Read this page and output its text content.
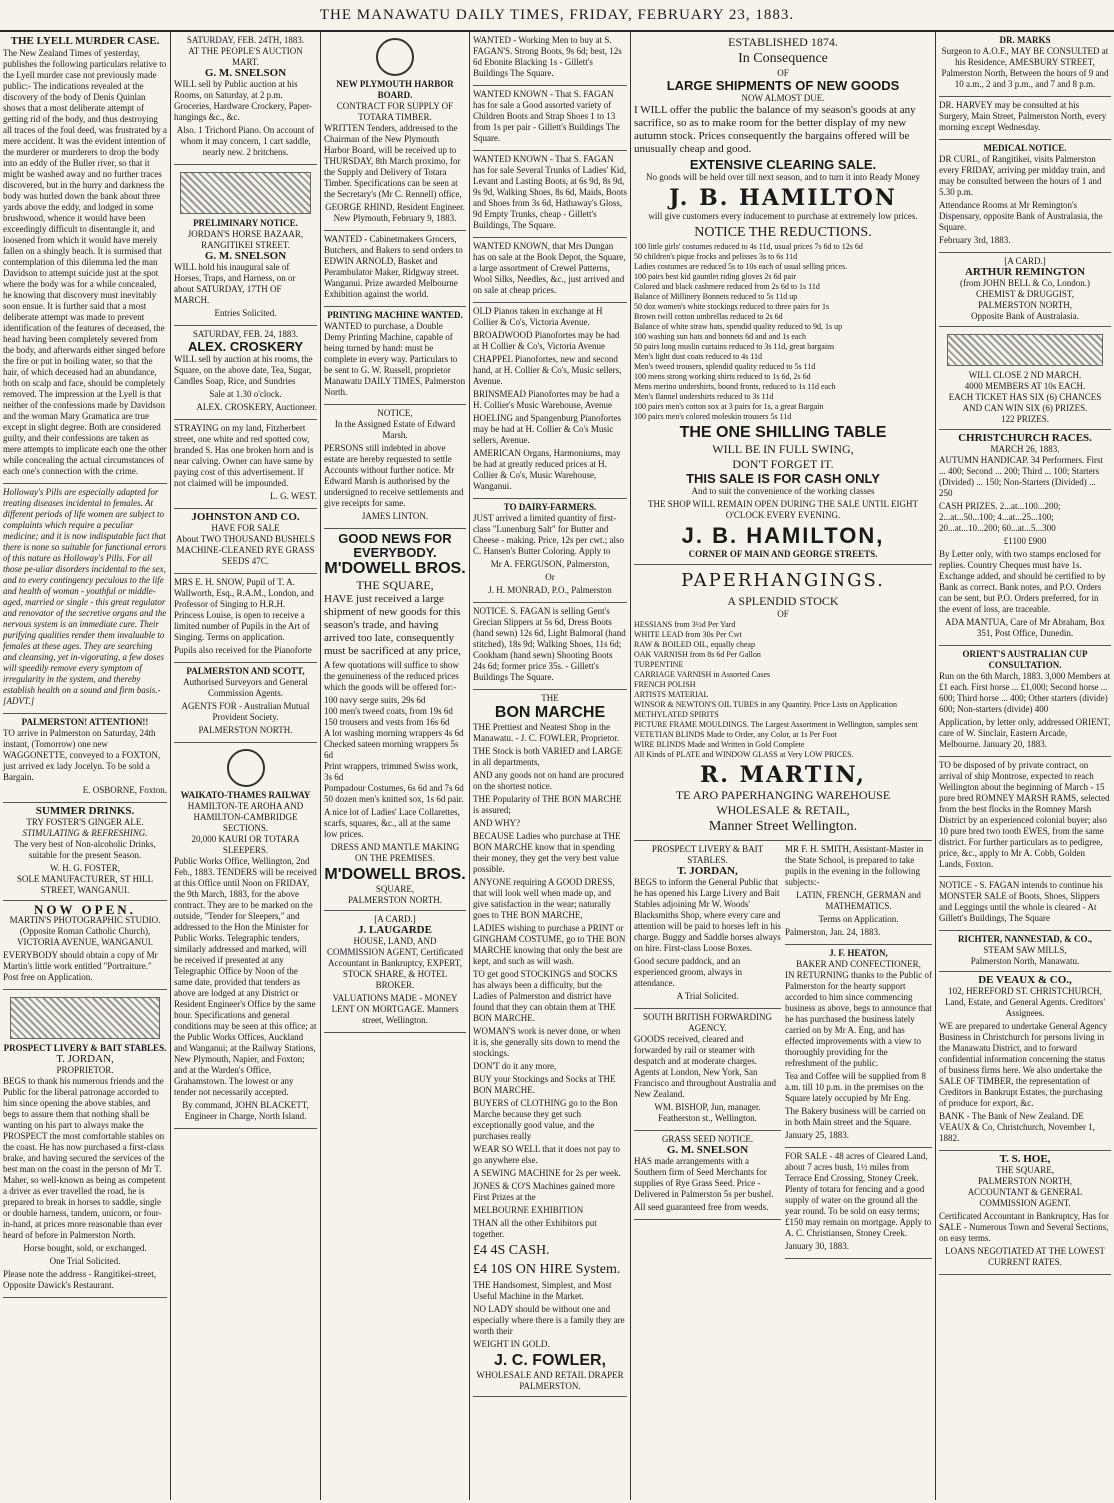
THE MANAWATU DAILY TIMES, FRIDAY, FEBRUARY 23, 1883.
THE LYELL MURDER CASE.

The New Zealand Times of yesterday, publishes the following particulars relative to the Lyell murder case not previously made public:- The indications revealed at the discovery of the body of Denis Quinlan shows that a most deliberate attempt of getting rid of the body, and thus destroying all traces of the foul deed, was frustrated by a mere accident. It was the evident intention of the murderer or murderers to drop the body into an eddy of the Buller river, so that it might be washed away and no further traces discovered, but in the hurry and darkness the body was hurled down the bank about three yards above the eddy, and lodged in some brushwood, whence it would have been exceedingly difficult to disentangle it, and loosened from which it would have merely fallen on a shingly beach. It is surmised that contemplation of this dilemma led the man Davidson to attempt suicide just at the spot where the body was for a while concealed, he knowing that discovery must inevitably soon ensue. It is further said that a most deliberate attempt was made to prevent identification of the features of deceased, the head having been completely severed from the body, and afterwards either singed before the fire or put in boiling water, so that the hair, of which deceased had an abundance, both on scalp and face, should be completely removed. The impression at the Lyell is that neither of the confessions made by Davidson and the woman Mary Gramatica are true except in slight degree. Both are considered guilty, and their confessions are taken as mere attempts to implicate each one the other while concealing the actual circumstances of each one's connection with the crime.

Holloway's Pills are especially adapted for treating diseases incidental to females. At different periods of life women are subject to complaints which require a peculiar medicine; and it is now indisputable fact that there is none so suitable for functional errors of this nature as Holloway's Pills. For all those pe-uliar disorders incidental to the sex, and to every contingency peculous to the life and health of woman - youthful or middle-aged, married or single - this great regulator and renovator of the secretive organs and the nervous system is an immediate cure. Their purifying qualities render them invaluable to females at these ages. They are searching and cleansing, yet in-vigorating, a few doses will speedily remove every symptom of irregularity in the system, and thereby establish health on a sound and firm basis.- [ADVT.]

PALMERSTON! ATTENTION!!

TO arrive in Palmerston on Saturday, 24th instant, (Tomorrow) one new WAGGONETTE, conveyed to a FOXTON, just arrived ex lady Jocelyn. To be sold a Bargain.

E. OSBORNE, Foxton.

SUMMER DRINKS.
TRY FOSTER'S GINGER ALE.
STIMULATING & REFRESHING.

The very best of Non-alcoholic Drinks, suitable for the present Season.

W. H. G. FOSTER,
SOLE MANUFACTURER, ST HILL STREET, WANGANUI.
NOW OPEN.

MARTIN'S PHOTOGRAPHIC STUDIO. (Opposite Roman Catholic Church), VICTORIA AVENUE, WANGANUI.

EVERYBODY should obtain a copy of Mr Martin's little work entitled "Portraiture." Post free on Application.

PROSPECT LIVERY & BAIT STABLES.
T. JORDAN,
PROPRIETOR.

BEGS to thank his numerous friends and the Public for the liberal patronage accorded to him since opening the above stables, and begs to assure them that nothing shall be wanting on his part to always make the PROSPECT the most comfortable stables on the coast. He has now purchased a first-class brake, and having secured the services of the best man on the coast in the person of Mr T. Maher, so well-known as being as competent a driver as ever travelled the road, he is prepared to break in horses to saddle, single or double harness, tandem, unicorn, or four-in-hand, at prices more reasonable than ever heard of before in Palmerston North.

Horse bought, sold, or exchanged.

One Trial Solicited.

Please note the address - Rangitikei-street, Opposite Dawick's Restaurant.

SATURDAY, FEB. 24TH, 1883.
AT THE PEOPLE'S AUCTION MART.
G. M. SNELSON

WILL sell by Public auction at his Rooms, on Saturday, at 2 p.m. Groceries, Hardware Crockery, Paper-hangings &c., &c.

Also. 1 Trichord Piano. On account of whom it may concern, 1 cart saddle, nearly new. 2 britchens.

PRELIMINARY NOTICE.
JORDAN'S HORSE BAZAAR, RANGITIKEI STREET.
G. M. SNELSON

WILL hold his inaugural sale of Horses, Traps, and Harness, on or about SATURDAY, 17TH OF MARCH.

Entries Solicited.

SATURDAY, FEB. 24, 1883.
ALEX. CROSKERY

WILL sell by auction at his rooms, the Square, on the above date, Tea, Sugar, Candles Soap, Rice, and Sundries

Sale at 1.30 o'clock.

ALEX. CROSKERY, Auctioneer.

STRAYING on my land, Fitzherbert street, one white and red spotted cow, branded S. Has one broken horn and is near calving. Owner can have same by paying cost of this advertisement. If not claimed will be impounded.

L. G. WEST.

JOHNSTON AND CO.
HAVE FOR SALE

About TWO THOUSAND BUSHELS MACHINE-CLEANED RYE GRASS SEEDS 47C.

MRS E. H. SNOW, Pupil of T. A. Wallworth, Esq., R.A.M., London, and Professor of Singing to H.R.H. Princess Louise, is open to receive a limited number of Pupils in the Art of Singing. Terms on application.

Pupils also received for the Pianoforte

PALMERSTON AND SCOTT,

Authorised Surveyors and General Commission Agents.

AGENTS FOR - Australian Mutual Provident Society.

PALMERSTON NORTH.

WAIKATO-THAMES RAILWAY
HAMILTON-TE AROHA AND HAMILTON-CAMBRIDGE SECTIONS.
20,000 KAURI OR TOTARA SLEEPERS.

Public Works Office, Wellington, 2nd Feb., 1883. TENDERS will be received at this Office until Noon on FRIDAY, the 9th March, 1883, for the above contract. They are to be marked on the outside, "Tender for Sleepers," and addressed to the Hon the Minister for Public Works. Telegraphic tenders, similarly addressed and marked, will be received if presented at any Telegraphic Office by Noon of the same date, provided that tenders as above are lodged at any District or Resident Engineer's Office by the same hour. Specifications and general conditions may be seen at this office; at the Public Works Offices, Auckland and Wanganui; at the Railway Stations, New Plymouth, Napier, and Foxton; and at the Warden's Office, Grahamstown. The lowest or any tender not necessarily accepted.

By command, JOHN BLACKETT, Engineer in Charge, North Island.

NEW PLYMOUTH HARBOR BOARD.
CONTRACT FOR SUPPLY OF TOTARA TIMBER.

WRITTEN Tenders, addressed to the Chairman of the New Plymouth Harbor Board, will be received up to THURSDAY, 8th March proximo, for the Supply and Delivery of Totara Timber. Specifications can be seen at the Secretary's (Mr C. Rennell) office,

GEORGE RHIND, Resident Engineer. New Plymouth, February 9, 1883.

WANTED - Cabinetmakers Grocers, Butchers, and Bakers to send orders to EDWIN ARNOLD, Basket and Perambulator Maker, Ridgway street. Wanganui. Prize awarded Melbourne Exhibition against the world.

PRINTING MACHINE WANTED.

WANTED to purchase, a Double Demy Printing Machine, capable of being turned by hand: must be complete in every way. Particulars to be sent to G. W. Russell, proprietor Manawatu DAILY TIMES, Palmerston North.

NOTICE,

In the Assigned Estate of Edward Marsh.

PERSONS still indebted in above estate are hereby requested to settle Accounts without further notice. Mr Edward Marsh is authorised by the undersigned to receive settlements and give receipts for same.

JAMES LINTON.

GOOD NEWS FOR EVERYBODY.
M'DOWELL BROS.
THE SQUARE,

HAVE just received a large shipment of new goods for this season's trade, and having arrived too late, consequently must be sacrificed at any price,

A few quotations will suffice to show the genuineness of the reduced prices which the goods will be offered for:-

100 navy serge suits, 29s 6d
100 men's tweed coats, from 19s 6d
150 trousers and vests from 16s 6d
A lot washing morning wrappers 4s 6d
Checked sateen morning wrappers 5s 6d
Print wrappers, trimmed Swiss work, 3s 6d
Pompadour Costumes, 6s 6d and 7s 6d
50 dozen men's knitted sox, 1s 6d pair.

A nice lot of Ladies' Lace Collarettes, scarfs, squares, &c., all at the same low prices.

DRESS AND MANTLE MAKING ON THE PREMISES.

M'DOWELL BROS.
SQUARE,
PALMERSTON NORTH.
[A CARD.]
J. LAUGARDE

HOUSE, LAND, AND COMMISSION AGENT, Certificated Accountant in Bankruptcy, EXPERT, STOCK SHARE, & HOTEL BROKER.

VALUATIONS MADE - MONEY LENT ON MORTGAGE. Manners street, Wellington.

WANTED - Working Men to buy at S. FAGAN'S. Strong Boots, 9s 6d; best, 12s 6d Ebonite Blacking 1s - Gillett's Buildings The Square.

WANTED KNOWN - That S. FAGAN has for sale a Good assorted variety of Children Boots and Strap Shoes 1 to 13 from 1s per pair - Gillett's Buildings The Square.

WANTED KNOWN - That S. FAGAN has for sale Several Trunks of Ladies' Kid, Levant and Lasting Boots, at 6s 9d, 8s 9d, 9s 9d, Walking Shoes, 8s 6d, Maids, Boots and Shoes from 3s 6d, Hathaway's Gloss, 9d Empty Trunks, cheap - Gillett's Buildings, The Square.

WANTED KNOWN, that Mrs Dungan has on sale at the Book Depot, the Square, a large assortment of Crewel Patterns, Wool Silks, Needles, &c., just arrived and on sale at cheap prices.

OLD Pianos taken in exchange at H Collier & Co's, Victoria Avenue.

BROADWOOD Pianofortes may be had at H Collier & Co's, Victoria Avenue

CHAPPEL Pianofortes, new and second hand, at H. Collier & Co's, Music sellers, Avenue.

BRINSMEAD Pianofortes may be had a H. Collier's Music Warehouse, Avenue

HOELING and Spangenburg Pianofortes may be had at H. Collier & Co's Music sellers, Avenue.

AMERICAN Organs, Harmoniums, may be had at greatly reduced prices at H. Collier & Co's, Music Warehouse, Wanganui.

TO DAIRY-FARMERS.

JUST arrived a limited quantity of first-class "Lunenburg Salt" for Butter and Cheese - making. Price, 12s per cwt.; also C. Hansen's Butter Coloring. Apply to

Mr A. FERGUSON, Palmerston,

Or

J. H. MONRAD, P.O., Palmerston

NOTICE. S. FAGAN is selling Gent's Grecian Slippers at 5s 6d, Dress Boots (hand sewn) 12s 6d, Light Balmoral (hand stitched), 18s 9d; Walking Shoes, 11s 6d; Cookham (hand sewn) Shooting Boots 24s 6d; former price 35s. - Gillett's Buildings The Square.

THE
BON MARCHE

THE Prettiest and Neatest Shop in the Manawatu. - J. C. FOWLER, Proprietor.

THE Stock is both VARIED and LARGE in all departments,

AND any goods not on hand are procured on the shortest notice.

THE Popularity of THE BON MARCHE is assured;

AND WHY?

BECAUSE Ladies who purchase at THE BON MARCHE know that in spending their money, they get the very best value possible.

ANYONE requiring A GOOD DRESS, that will look well when made up, and give satisfaction in the wear; naturally goes to THE BON MARCHE,

LADIES wishing to purchase a PRINT or GINGHAM COSTUME, go to THE BON MARCHE knowing that only the best are kept, and such as will wash.

TO get good STOCKINGS and SOCKS has always been a difficulty, but the Ladies of Palmerston and district have found that they can obtain them at THE BON MARCHE.

WOMAN'S work is never done, or when it is, she generally sits down to mend the stockings.

DON'T do it any more,

BUY your Stockings and Socks at THE BON MARCHE.

BUYERS of CLOTHING go to the Bon Marche because they get such exceptionally good value, and the purchases really

WEAR SO WELL that it does not pay to go anywhere else.

A SEWING MACHINE for 2s per week.

JONES & CO'S Machines gained more First Prizes at the

MELBOURNE EXHIBITION

THAN all the other Exhibitors put together.

£4 4S CASH.

£4 10S ON HIRE System.

THE Handsomest, Simplest, and Most Useful Machine in the Market.

NO LADY should be without one and especially where there is a family they are worth their

WEIGHT IN GOLD.

J. C. FOWLER,
WHOLESALE AND RETAIL DRAPER
PALMERSTON.
ESTABLISHED 1874.
In Consequence
OF
LARGE SHIPMENTS OF NEW GOODS
NOW ALMOST DUE.

I WILL offer the public the balance of my season's goods at any sacrifice, so as to make room for the better display of my new autumn stock. Prices consequently the bargains offered will be unusually cheap and good.

EXTENSIVE CLEARING SALE.

No goods will be held over till next season, and to turn it into Ready Money

J. B. HAMILTON

will give customers every inducement to purchase at extremely low prices.

NOTICE THE REDUCTIONS.

100 little girls' costumes reduced to 4s 11d, usual prices 7s 6d to 12s 6d
50 children's pique frocks and pelisses 3s to 6s 11d
Ladies costumes are reduced 5s to 10s each of usual selling prices.
100 pairs best kid gauntlet riding gloves 2s 6d pair
Colored and black cashmere reduced from 2s 6d to 1s 11d
Balance of Millinery Bonnets reduced to 5s 11d up
50 doz women's white stockings reduced to three pairs for 1s
Brown twill cotton umbrellas reduced to 2s 6d
Balance of white straw hats, spendid quality reduced to 9d, 1s up
100 washing sun hats and bonnets 6d and and 1s each
50 pairs long muslin curtains reduced to 3s 11d, great bargains
Men's light dust coats reduced to 4s 11d
Men's tweed trousers, splendid quality reduced to 5s 11d
100 mens strong working shirts reduced to 1s 6d, 2s 6d
Mens merino undershirts, bound fronts, reduced to 1s 11d each
Men's flannel undershirts reduced to 3s 11d
100 pairs men's cotton sox at 3 pairs for 1s, a great Bargain
100 pairs men's colored moleskin trousers 5s 11d

THE ONE SHILLING TABLE
WILL BE IN FULL SWING,
DON'T FORGET IT.
THIS SALE IS FOR CASH ONLY

And to suit the convenience of the working classes

THE SHOP WILL REMAIN OPEN DURING THE SALE UNTIL EIGHT O'CLOCK EVERY EVENING.

J. B. HAMILTON,
CORNER OF MAIN AND GEORGE STREETS.
PAPERHANGINGS.
A SPLENDID STOCK
OF

HESSIANS from 3½d Per Yard
WHITE LEAD from 30s Per Cwt
RAW & BOILED OIL, equally cheap
OAK VARNISH from 8s 6d Per Gallon
TURPENTINE
CARRIAGE VARNISH in Assorted Cases
FRENCH POLISH
ARTISTS MATERIAL
WINSOR & NEWTON'S OIL TUBES in any Quantity. Price Lists on Application
METHYLATED SPIRITS
PICTURE FRAME MOULDINGS. The Largest Assortment in Wellington, samples sent
VETETIAN BLINDS Made to Order, any Color, at 1s Per Foot
WIRE BLINDS Made and Written in Gold Complete
All Kinds of PLATE and WINDOW GLASS at Very LOW PRICES.

R. MARTIN,
TE ARO PAPERHANGING WAREHOUSE
WHOLESALE & RETAIL,
Manner Street Wellington.
PROSPECT LIVERY & BAIT STABLES.
T. JORDAN,

BEGS to inform the General Public that he has opened his Large Livery and Bait Stables adjoining Mr W. Woods' Blacksmiths Shop, where every care and attention will be paid to horses left in his charge. Buggy and Saddle horses always on hire. First-class Loose Boxes.

Good secure paddock, and an experienced groom, always in attendance.

A Trial Solicited.

SOUTH BRITISH FORWARDING AGENCY.

GOODS received, cleared and forwarded by rail or steamer with despatch and at moderate charges. Agents at London, New York, San Francisco and throughout Australia and New Zealand.

WM. BISHOP, Jun, manager. Featherston st., Wellington.

GRASS SEED NOTICE.
G. M. SNELSON

HAS made arrangements with a Southern firm of Seed Merchants for supplies of Rye Grass Seed. Price - Delivered in Palmerston 5s per bushel.

All seed guaranteed free from weeds.

MR F. H. SMITH, Assistant-Master in the State School, is prepared to take pupils in the evening in the following subjects:-

LATIN, FRENCH, GERMAN and MATHEMATICS.

Terms on Application.

Palmerston, Jan. 24, 1883.

J. F. HEATON,
BAKER AND CONFECTIONER,

IN RETURNING thanks to the Public of Palmerston for the hearty support accorded to him since commencing business as above, begs to announce that he has purchased the business lately carried on by Mr A. Eng, and has effected improvements with a view to thoroughly providing for the refreshment of the public.

Tea and Coffee will be supplied from 8 a.m. till 10 p.m. in the premises on the Square lately occupied by Mr Eng.

The Bakery business will be carried on in both Main street and the Square.

January 25, 1883.

FOR SALE - 48 acres of Cleared Land, about 7 acres bush, 1½ miles from Terrace End Crossing, Stoney Creek. Plenty of totara for fencing and a good supply of water on the ground all the year round. To be sold on easy terms; £150 may remain on mortgage. Apply to A. C. Christiansen, Stoney Creek.

January 30, 1883.

DR. MARKS

Surgeon to A.O.F., MAY BE CONSULTED at his Residence, AMESBURY STREET, Palmerston North, Between the hours of 9 and 10 a.m., 2 and 3 p.m., and 7 and 8 p.m.

DR. HARVEY may be consulted at his Surgery, Main Street, Palmerston North, every morning except Wednesday.

MEDICAL NOTICE.

DR CURL, of Rangitikei, visits Palmerston every FRIDAY, arriving per midday train, and may be consulted between the hours of 1 and 5.30 p.m.

Attendance Rooms at Mr Remington's Dispensary, opposite Bank of Australasia, the Square.

February 3rd, 1883.

[A CARD.]
ARTHUR REMINGTON
(from JOHN BELL & Co, London.)
CHEMIST & DRUGGIST,
PALMERSTON NORTH,
Opposite Bank of Australasia.
WILL CLOSE 2 ND MARCH.
4000 MEMBERS AT 10s EACH.
EACH TICKET HAS SIX (6) CHANCES AND CAN WIN SIX (6) PRIZES.
122 PRIZES.
CHRISTCHURCH RACES.
MARCH 26, 1883.

AUTUMN HANDICAP. 34 Performers. First ... 400; Second ... 200; Third ... 100; Starters (Divided) ... 150; Non-Starters (Divided) ... 250

CASH PRIZES. 2...at...100...200; 2...at...50...100; 4...at...25...100; 20...at...10...200; 60...at...5...300

£1100 £900

By Letter only, with two stamps enclosed for replies. Country Cheques must have 1s. Exchange added, and should be certified to by Bank as correct. Bank notes, and P.O. Orders can be sent, but P.O. Orders preferred, for in the event of loss, are traceable.

ADA MANTUA, Care of Mr Abraham, Box 351, Post Office, Dunedin.

ORIENT'S AUSTRALIAN CUP CONSULTATION.

Run on the 6th March, 1883. 3,000 Members at £1 each. First horse ... £1,000; Second horse ... 600; Third horse ... 400; Other starters (divide) 600; Non-starters (divide) 400

Application, by letter only, addressed ORIENT, care of W. Sinclair, Eastern Arcade, Melbourne. January 20, 1883.

TO be disposed of by private contract, on arrival of ship Montrose, expected to reach Wellington about the beginning of March - 15 pure bred ROMNEY MARSH RAMS, selected from the best flocks in the Romney Marsh District by an experienced colonial buyer; also 10 pure bred two tooth EWES, from the same district. For further particulars as to pedigree, price, &c., apply to Mr A. Cobb, Golden Lands, Foxton.

NOTICE - S. FAGAN intends to continue his MONSTER SALE of Boots, Shoes, Slippers and Leggings until the whole is cleared - At Gillett's Buildings, The Square

RICHTER, NANNESTAD, & CO.,
STEAM SAW MILLS,
Palmerston North, Manawatu.
DE VEAUX & CO.,

102, HEREFORD ST. CHRISTCHURCH, Land, Estate, and General Agents. Creditors' Assignees.

WE are prepared to undertake General Agency Business in Christchurch for persons living in the Manawatu District, and to forward confidential information concerning the status of business firms here. We also undertake the SALE OF TIMBER, the representation of Creditors in Bankrupt Estates, the purchasing of produce for export, &c.

BANK - The Bank of New Zealand. DE VEAUX & Co, Christchurch, November 1, 1882.

T. S. HOE,
THE SQUARE,
PALMERSTON NORTH,

ACCOUNTANT & GENERAL COMMISSION AGENT.

Certificated Accountant in Bankruptcy, Has for SALE - Numerous Town and Several Sections, on easy terms.

LOANS NEGOTIATED AT THE LOWEST CURRENT RATES.
